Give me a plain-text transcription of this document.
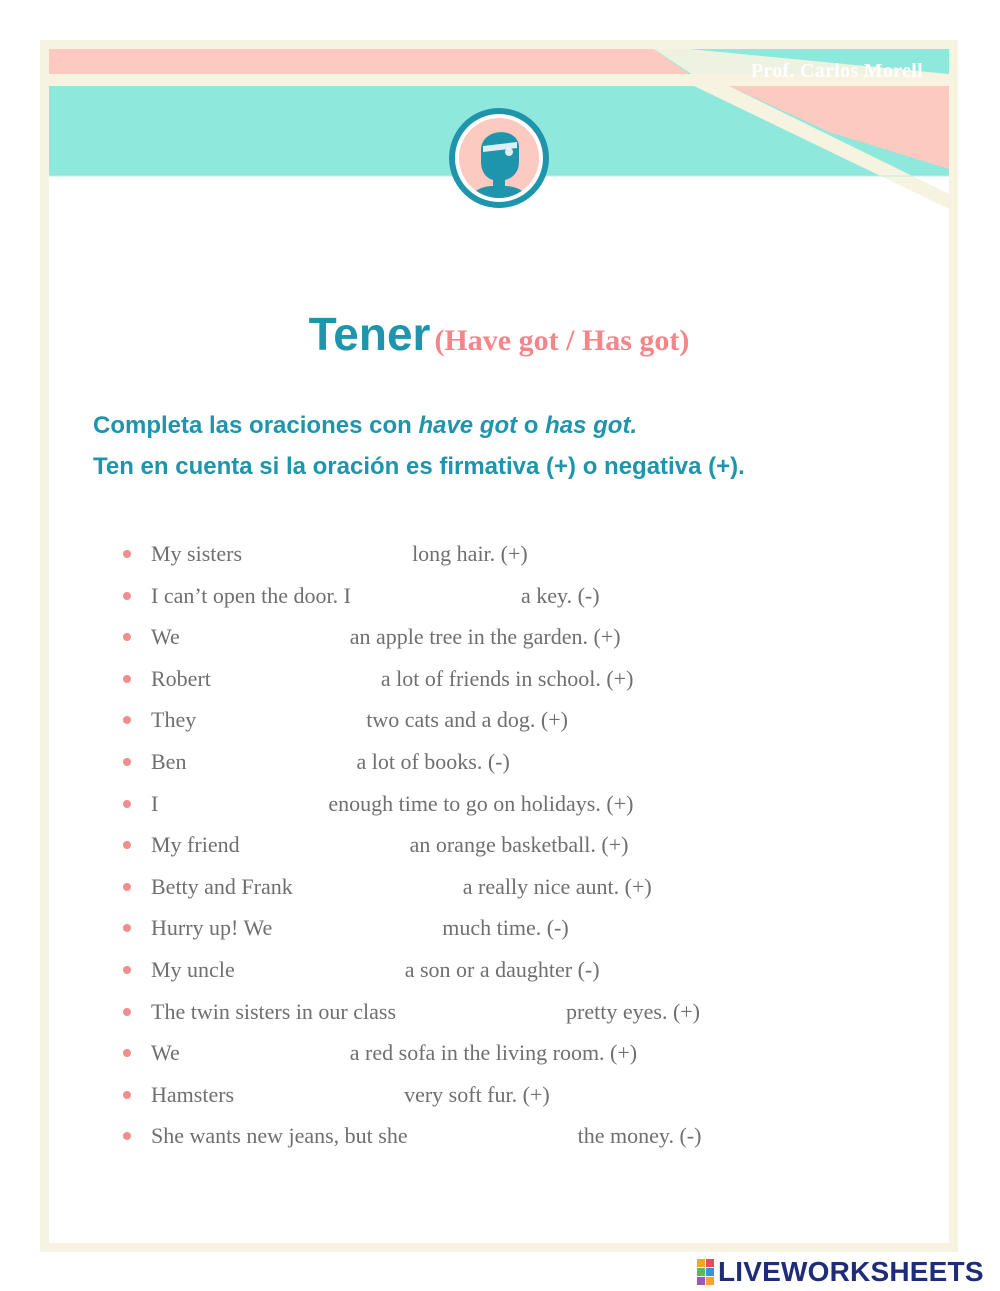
Prof. Carlos Morell
Tener (Have got / Has got)
Completa las oraciones con have got o has got.
Ten en cuenta si la oración es firmativa (+) o negativa (+).
My sisters	long hair. (+)
I can’t open the door. I	a key. (-)
We	an apple tree in the garden. (+)
Robert	a lot of friends in school. (+)
They	two cats and a dog. (+)
Ben	a lot of books. (-)
I	enough time to go on holidays. (+)
My friend	an orange basketball. (+)
Betty and Frank	a really nice aunt. (+)
Hurry up! We	much time. (-)
My uncle	a son or a daughter (-)
The twin sisters in our class	pretty eyes. (+)
We	a red sofa in the living room. (+)
Hamsters	very soft fur. (+)
She wants new jeans, but she	the money. (-)
LIVEWORKSHEETS
